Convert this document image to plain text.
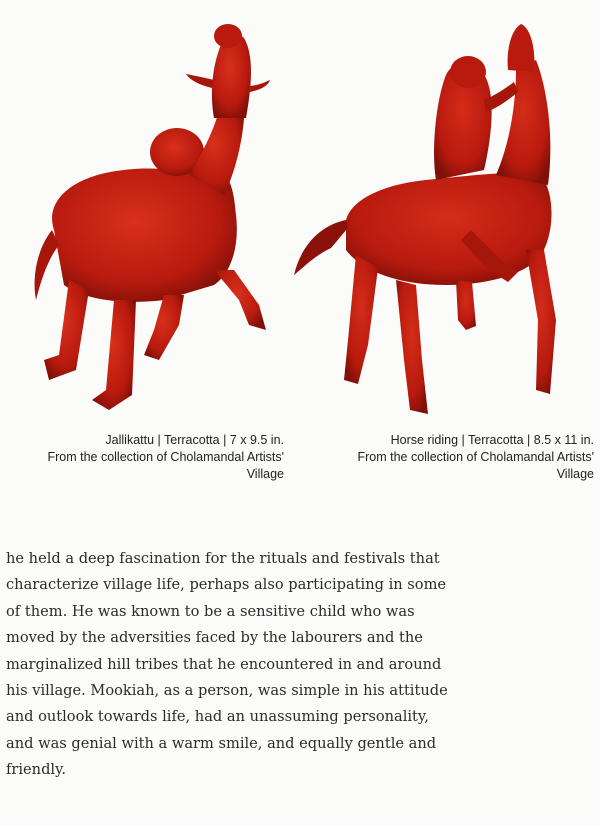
Jallikattu | Terracotta | 7 x 9.5 in.
From the collection of Cholamandal Artists'
Village
Horse riding | Terracotta | 8.5 x 11 in.
From the collection of Cholamandal Artists'
Village
he held a deep fascination for the rituals and festivals that
characterize village life, perhaps also participating in some
of them. He was known to be a sensitive child who was
moved by the adversities faced by the labourers and the
marginalized hill tribes that he encountered in and around
his village. Mookiah, as a person, was simple in his attitude
and outlook towards life, had an unassuming personality,
and was genial with a warm smile, and equally gentle and
friendly.
